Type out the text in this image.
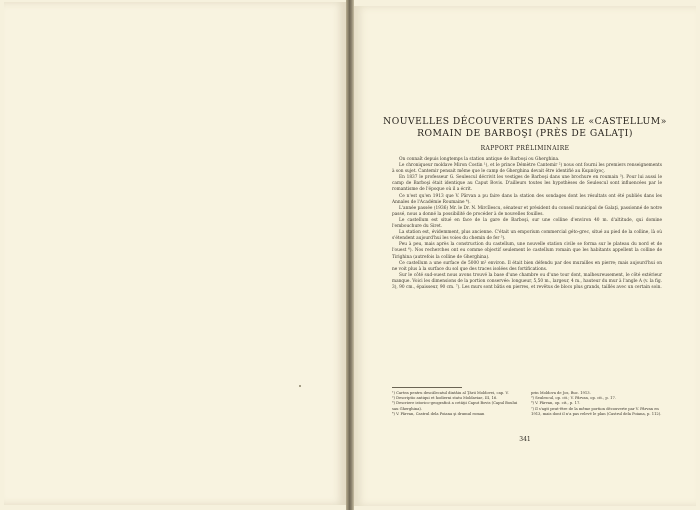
NOUVELLES DÉCOUVERTES DANS LE «CASTELLUM»
ROMAIN DE BARBOŞI (PRÈS DE GALAŢI)
RAPPORT PRÉLIMINAIRE

On connaît depuis longtemps la station antique de Barboşi ou Gherghina.

Le chroniqueur moldave Miron Costin ¹), et le prince Démètre Cantemir ²) nous ont fourni les premiers renseignements à son sujet. Cantemir pensait même que le camp de Gherghina devait être identifié au Καμπόχος.

En 1837 le professeur G. Seulescul décrivit les vestiges de Barboşi dans une brochure en roumain ³). Pour lui aussi le camp de Barboşi était identique au Caput Bovis. D'ailleurs toutes les hypothèses de Seulescul sont influencées par le romantisme de l'époque où il a écrit.

Ce n'est qu'en 1913 que V. Pârvan a pu faire dans la station des sondages dont les résultats ont été publiés dans les Annales de l'Académie Roumaine ⁴).

L'année passée (1936) Mr. le Dr. N. Mircīlescu, sénateur et président du conseil municipal de Galaţi, passionné de notre passé, nous a donné la possibilité de procéder à de nouvelles fouilles.

Le castellum est situé en face de la gare de Barboşi, sur une colline d'environ 40 m. d'altitude, qui domine l'embouchure du Siret.

La station est, évidemment, plus ancienne. C'était un emporium commercial géto-grec, situé au pied de la colline, là où s'étendent aujourd'hui les voies du chemin de fer ⁵).

Peu à peu, mais après la construction du castellum, une nouvelle station civile se forma sur le plateau du nord et de l'ouest ⁶). Nos recherches ont eu comme objectif seulement le castellum romain que les habitants appellent la colline de Tirighina (autrefois la colline de Gherghina).

Ce castellum a une surface de 5000 m² environ. Il était bien défendu par des murailles en pierre; mais aujourd'hui on ne voit plus à la surface du sol que des traces isolées des fortifications.

Sur le côté sud-ouest nous avons trouvé la base d'une chambre ou d'une tour dont, malheureusement, le côté extérieur manque. Voici les dimensions de la portion conservée: longueur, 5,50 m., largeur, 4 m., hauteur du mur à l'angle A (v. la fig. 3), 90 cm., épaisseur, 90 cm. ⁷). Les murs sont bâtis en pierres, et revêtus de blocs plus grands, taillés avec un certain soin.

¹) Cartea pentru descălecatul dintâiu al Ţării Moldovei, cap. V.
²) Descriptio antiqui et hodierni statu Moldaviae, III, 16.
³) Descriere istorico-geografică a cetăţii Caput Bovis (Capul Boului sau Gherghina).
⁴) V. Pârvan, Castrul dela Poiana şi drumul roman
prin Moldova de Jos, Buc. 1913.
⁵) Seulescul, op. cit.; V. Pârvan, op. cit., p. 17.
⁶) V. Pârvan, op. cit., p. 17.
⁷) Il s'agit peut-être de la même portion découverte par V. Pârvan en 1913, mais dont il n'a pas relevé le plan (Castrul dela Poiana, p. 112).
341
